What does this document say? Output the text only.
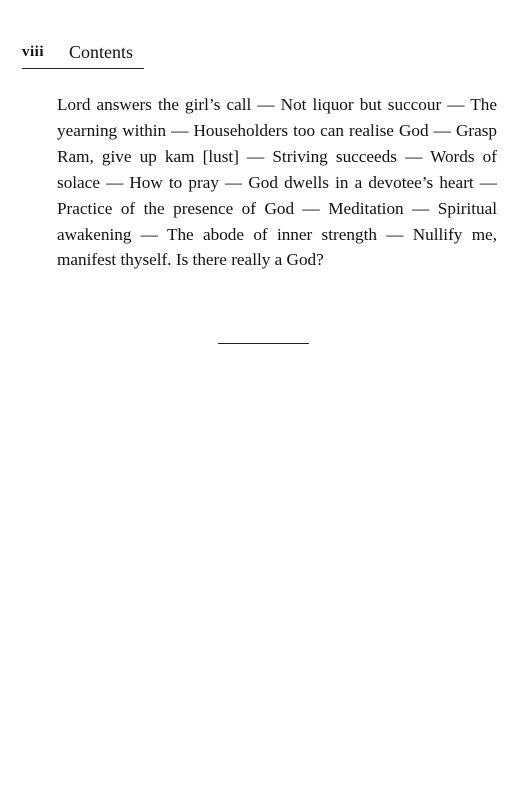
viii Contents

Lord answers the girl’s call — Not liquor but succour — The yearning within — Householders too can realise God — Grasp Ram, give up kam [lust] — Striving succeeds — Words of solace — How to pray — God dwells in a devotee’s heart — Practice of the presence of God — Meditation — Spiritual awakening — The abode of inner strength — Nullify me, manifest thyself. Is there really a God?
